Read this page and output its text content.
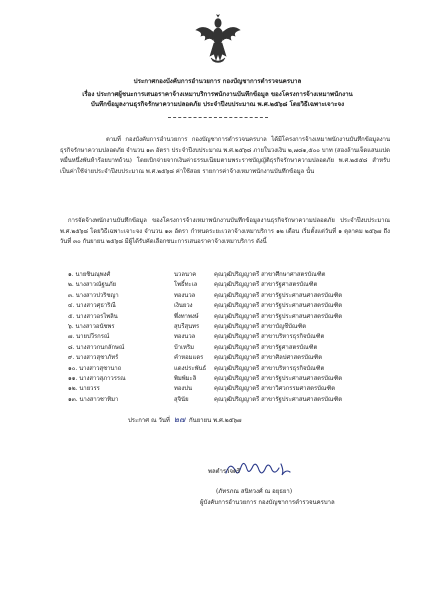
ประกาศกองบังคับการอำนวยการ กองบัญชาการตำรวจนครบาล
เรื่อง ประกาศผู้ชนะการเสนอราคาจ้างเหมาบริการพนักงานบันทึกข้อมูล ของโครงการจ้างเหมาพนักงาน
บันทึกข้อมูลงานธุรกิจรักษาความปลอดภัย ประจำปีงบประมาณ พ.ศ.๒๕๖๘ โดยวิธีเฉพาะเจาะจง
ตามที่ กองบังคับการอำนวยการ กองบัญชาการตำรวจนครบาล ได้มีโครงการจ้างเหมาพนักงานบันทึกข้อมูลงานธุรกิจรักษาความปลอดภัย จำนวน ๑๓ อัตรา ประจำปีงบประมาณ พ.ศ.๒๕๖๘ ภายในวงเงิน ๒,๗๘๑,๕๐๐ บาท (สองล้านเจ็ดแสนแปดหมื่นหนึ่งพันห้าร้อยบาทถ้วน) โดยเบิกจ่ายจากเงินค่าธรรมเนียมตามพระราชบัญญัติธุรกิจรักษาความปลอดภัย พ.ศ.๒๕๕๘ สำหรับเป็นค่าใช้จ่ายประจำปีงบประมาณ พ.ศ.๒๕๖๘ ค่าใช้สอย รายการค่าจ้างเหมาพนักงานบันทึกข้อมูล นั้น
การจัดจ้างพนักงานบันทึกข้อมูล ของโครงการจ้างเหมาพนักงานบันทึกข้อมูลงานธุรกิจรักษาความปลอดภัย ประจำปีงบประมาณ พ.ศ.๒๕๖๘ โดยวิธีเฉพาะเจาะจง จำนวน ๑๓ อัตรา กำหนดระยะเวลาจ้างเหมาบริการ ๑๒ เดือน เริ่มตั้งแต่วันที่ ๑ ตุลาคม ๒๕๖๗ ถึงวันที่ ๓๐ กันยายน ๒๕๖๘ มีผู้ได้รับคัดเลือกชนะการเสนอราคาจ้างเหมาบริการ ดังนี้
๑. นายชินณุพงศ์	นวลนาค	คุณวุฒิปริญญาตรี สาขาศึกษาศาสตรบัณฑิต
๒. นางสาวณัฐนภัย	โพธิ์ทะเล	คุณวุฒิปริญญาตรี สาขารัฐศาสตรบัณฑิต
๓. นางสาวปวริชญา	ทองนวล	คุณวุฒิปริญญาตรี สาขารัฐประศาสนศาสตรบัณฑิต
๔. นางสาวศุธาริณี	เงินยวง	คุณวุฒิปริญญาตรี สาขารัฐประศาสนศาสตรบัณฑิต
๕. นางสาวอรไพลิน	พึ่งทาพงษ์	คุณวุฒิปริญญาตรี สาขารัฐประศาสนศาสตรบัณฑิต
๖. นางสาวอนัชพร	สุบรีสุนทร	คุณวุฒิปริญญาตรี สาขาบัญชีบัณฑิต
๗. นายปวีรกรณ์	ทองนวล	คุณวุฒิปริญญาตรี สาขาบริหารธุรกิจบัณฑิต
๘. นางสาวกนกลักษณ์	บ้าเหริม	คุณวุฒิปริญญาตรี สาขารัฐศาสตรบัณฑิต
๙. นางสาวสุชาภัทร์	คำหอมแดร คุณวุฒิปริญญาตรี สาขาศิลปศาสตรบัณฑิต
๑๐. นางสาวสุชานาถ	แดงประพันธ์ คุณวุฒิปริญญาตรี สาขาบริหารธุรกิจบัณฑิต
๑๑. นางสาวสุภาวรรณ	พิมพ์มะลิ	คุณวุฒิปริญญาตรี สาขารัฐประศาสนศาสตรบัณฑิต
๑๒. นายวรร	ทองปน	คุณวุฒิปริญญาตรี สาขาวิศวกรรมศาสตรบัณฑิต
๑๓. นางสาวชาทิมา	สุจินัย	คุณวุฒิปริญญาตรี สาขารัฐประศาสนศาสตรบัณฑิต
ประกาศ ณ วันที่ ๒๗ กันยายน พ.ศ.๒๕๖๗
พลตำรวจตรี
(ภัทรภณ สนิทวงศ์ ณ อยุธยา)
ผู้บังคับการอำนวยการ กองบัญชาการตำรวจนครบาล
